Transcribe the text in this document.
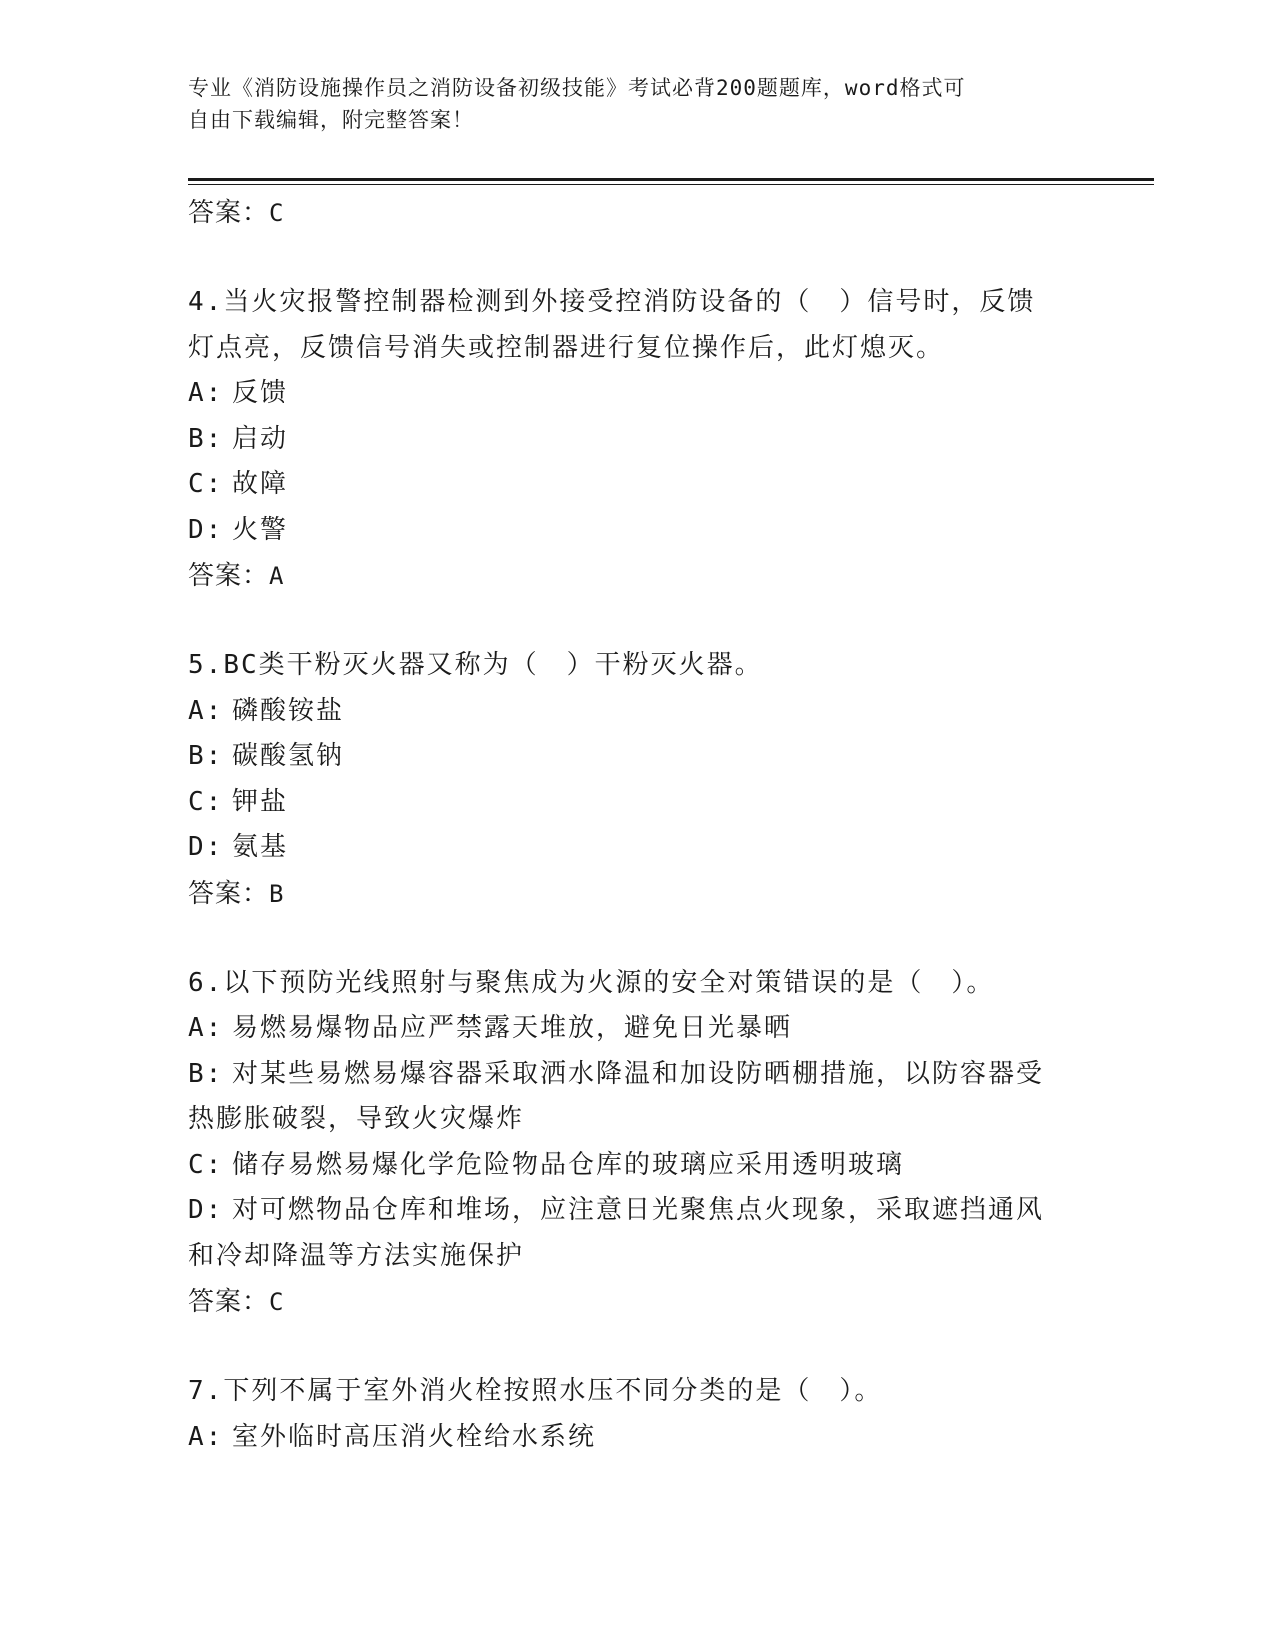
专业《消防设施操作员之消防设备初级技能》考试必背200题题库，word格式可
自由下载编辑，附完整答案！
答案：C
4.当火灾报警控制器检测到外接受控消防设备的（　）信号时，反馈
灯点亮，反馈信号消失或控制器进行复位操作后，此灯熄灭。
A: 反馈
B: 启动
C: 故障
D: 火警
答案：A
5.BC类干粉灭火器又称为（　）干粉灭火器。
A: 磷酸铵盐
B: 碳酸氢钠
C: 钾盐
D: 氨基
答案：B
6.以下预防光线照射与聚焦成为火源的安全对策错误的是（　）。
A: 易燃易爆物品应严禁露天堆放，避免日光暴晒
B: 对某些易燃易爆容器采取洒水降温和加设防晒棚措施，以防容器受
热膨胀破裂，导致火灾爆炸
C: 储存易燃易爆化学危险物品仓库的玻璃应采用透明玻璃
D: 对可燃物品仓库和堆场，应注意日光聚焦点火现象，采取遮挡通风
和冷却降温等方法实施保护
答案：C
7.下列不属于室外消火栓按照水压不同分类的是（　）。
A: 室外临时高压消火栓给水系统
